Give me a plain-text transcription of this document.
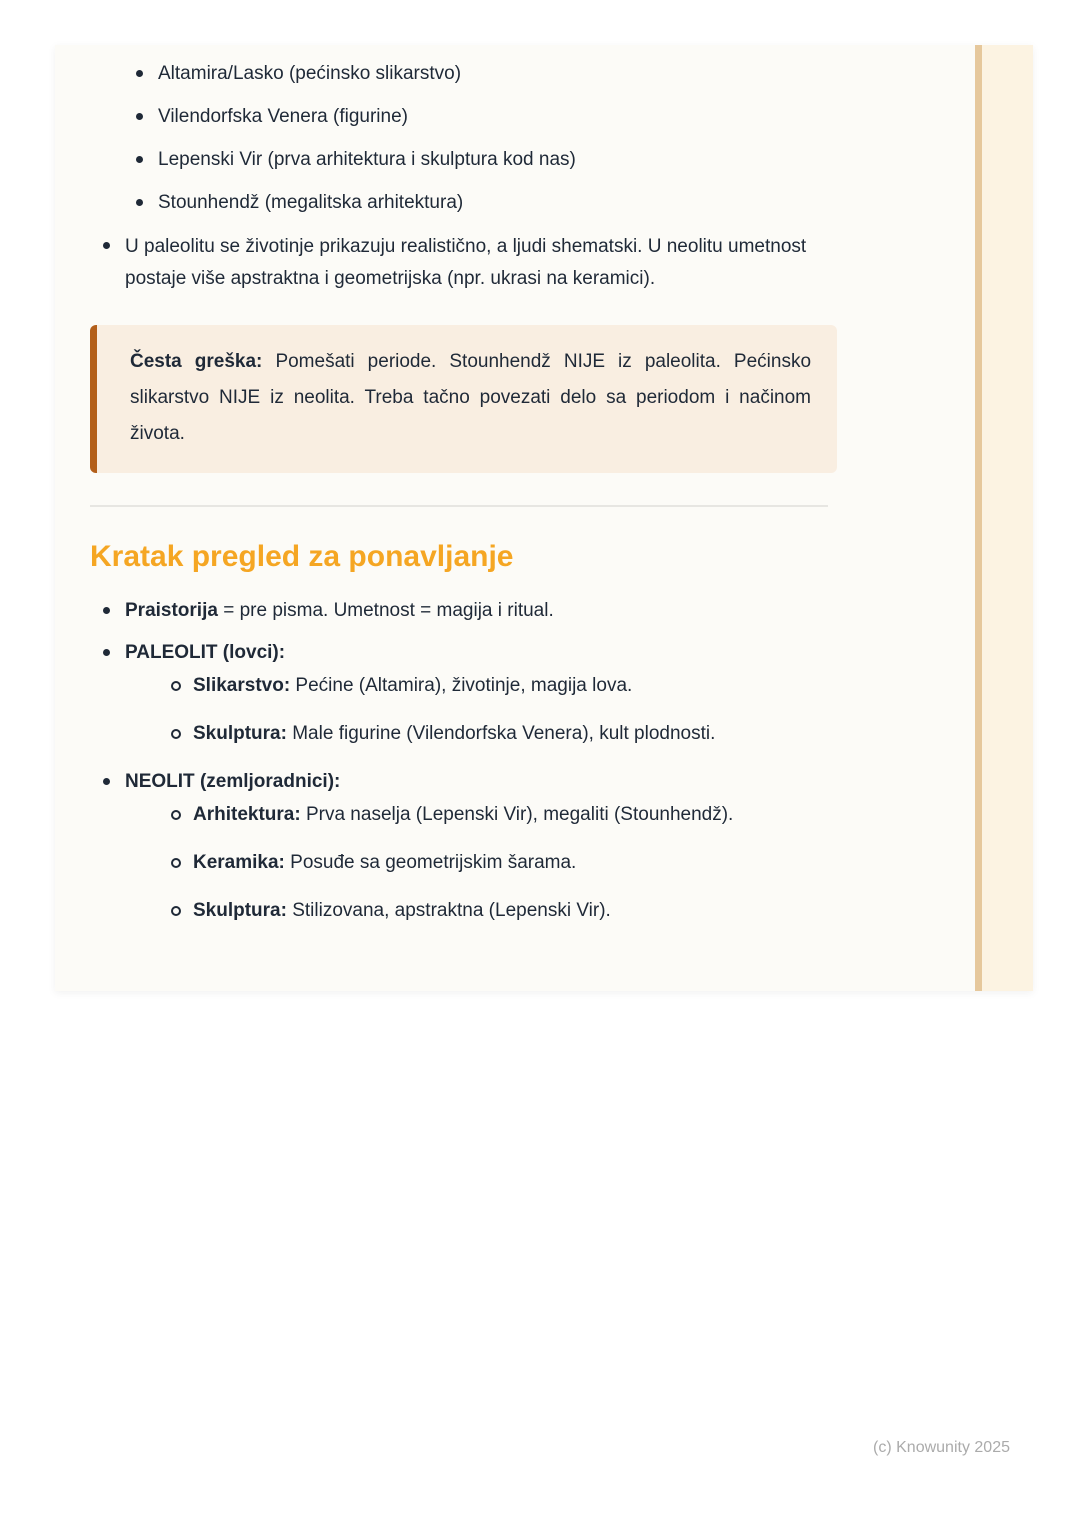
Altamira/Lasko (pećinsko slikarstvo)
Vilendorfska Venera (figurine)
Lepenski Vir (prva arhitektura i skulptura kod nas)
Stounhendž (megalitska arhitektura)
U paleolitu se životinje prikazuju realistično, a ljudi shematski. U neolitu umetnost postaje više apstraktna i geometrijska (npr. ukrasi na keramici).

Česta greška: Pomešati periode. Stounhendž NIJE iz paleolita. Pećinsko slikarstvo NIJE iz neolita. Treba tačno povezati delo sa periodom i načinom života.

Kratak pregled za ponavljanje
Praistorija = pre pisma. Umetnost = magija i ritual.
PALEOLIT (lovci):
Slikarstvo: Pećine (Altamira), životinje, magija lova.
Skulptura: Male figurine (Vilendorfska Venera), kult plodnosti.
NEOLIT (zemljoradnici):
Arhitektura: Prva naselja (Lepenski Vir), megaliti (Stounhendž).
Keramika: Posuđe sa geometrijskim šarama.
Skulptura: Stilizovana, apstraktna (Lepenski Vir).
(c) Knowunity 2025
